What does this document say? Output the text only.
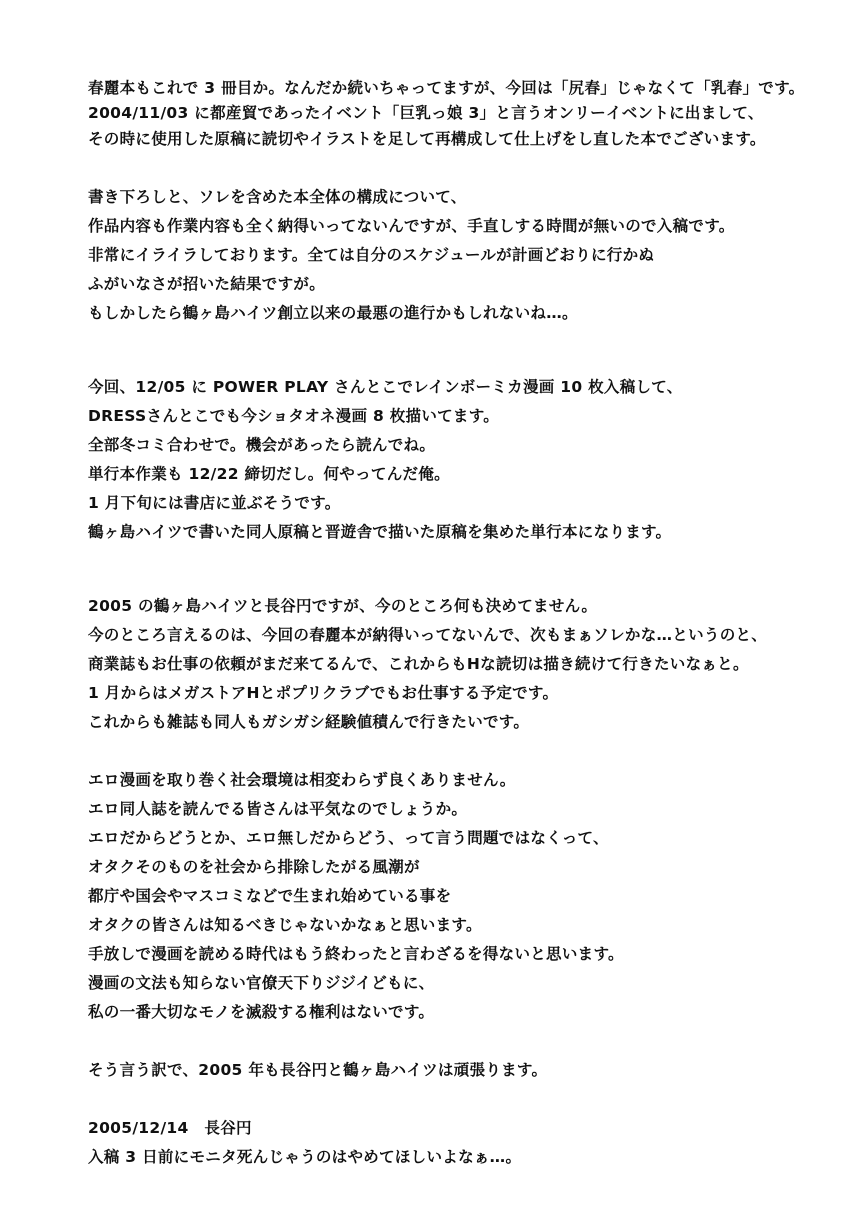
春麗本もこれで 3 冊目か。なんだか続いちゃってますが、今回は「尻春」じゃなくて「乳春」です。

2004/11/03 に都産貿であったイベント「巨乳っ娘 3」と言うオンリーイベントに出まして、

その時に使用した原稿に読切やイラストを足して再構成して仕上げをし直した本でございます。

書き下ろしと、ソレを含めた本全体の構成について、

作品内容も作業内容も全く納得いってないんですが、手直しする時間が無いので入稿です。

非常にイライラしております。全ては自分のスケジュールが計画どおりに行かぬ

ふがいなさが招いた結果ですが。

もしかしたら鶴ヶ島ハイツ創立以来の最悪の進行かもしれないね…。

今回、12/05 に POWER PLAY さんとこでレインボーミカ漫画 10 枚入稿して、

DRESSさんとこでも今ショタオネ漫画 8 枚描いてます。

全部冬コミ合わせで。機会があったら読んでね。

単行本作業も 12/22 締切だし。何やってんだ俺。

1 月下旬には書店に並ぶそうです。

鶴ヶ島ハイツで書いた同人原稿と晋遊舎で描いた原稿を集めた単行本になります。

2005 の鶴ヶ島ハイツと長谷円ですが、今のところ何も決めてません。

今のところ言えるのは、今回の春麗本が納得いってないんで、次もまぁソレかな…というのと、

商業誌もお仕事の依頼がまだ来てるんで、これからもHな読切は描き続けて行きたいなぁと。

1 月からはメガストアHとポプリクラブでもお仕事する予定です。

これからも雑誌も同人もガシガシ経験値積んで行きたいです。

エロ漫画を取り巻く社会環境は相変わらず良くありません。

エロ同人誌を読んでる皆さんは平気なのでしょうか。

エロだからどうとか、エロ無しだからどう、って言う問題ではなくって、

オタクそのものを社会から排除したがる風潮が

都庁や国会やマスコミなどで生まれ始めている事を

オタクの皆さんは知るべきじゃないかなぁと思います。

手放しで漫画を読める時代はもう終わったと言わざるを得ないと思います。

漫画の文法も知らない官僚天下りジジイどもに、

私の一番大切なモノを滅殺する権利はないです。

そう言う訳で、2005 年も長谷円と鶴ヶ島ハイツは頑張ります。

2005/12/14　長谷円

入稿 3 日前にモニタ死んじゃうのはやめてほしいよなぁ…。
